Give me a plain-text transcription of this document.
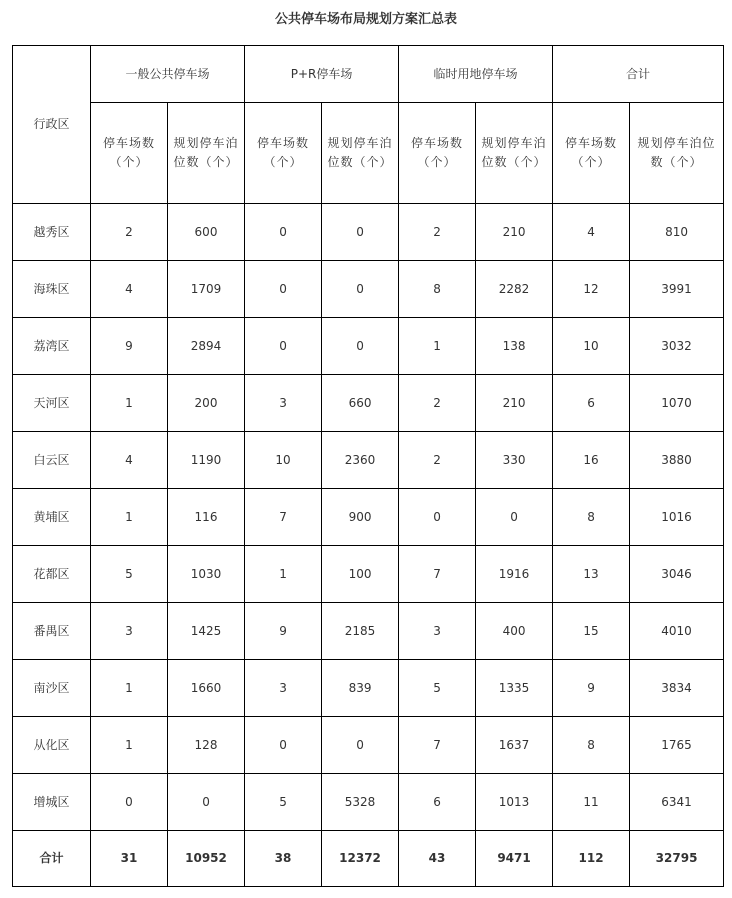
公共停车场布局规划方案汇总表
行政区	一般公共停车场		P+R停车场		临时用地停车场		合计	
	停车场数（个）	规划停车泊位数（个）	停车场数（个）	规划停车泊位数（个）	停车场数（个）	规划停车泊位数（个）	停车场数（个）	规划停车泊位数（个）
越秀区	2	600	0	0	2	210	4	810
海珠区	4	1709	0	0	8	2282	12	3991
荔湾区	9	2894	0	0	1	138	10	3032
天河区	1	200	3	660	2	210	6	1070
白云区	4	1190	10	2360	2	330	16	3880
黄埔区	1	116	7	900	0	0	8	1016
花都区	5	1030	1	100	7	1916	13	3046
番禺区	3	1425	9	2185	3	400	15	4010
南沙区	1	1660	3	839	5	1335	9	3834
从化区	1	128	0	0	7	1637	8	1765
增城区	0	0	5	5328	6	1013	11	6341
合计	31	10952	38	12372	43	9471	112	32795
